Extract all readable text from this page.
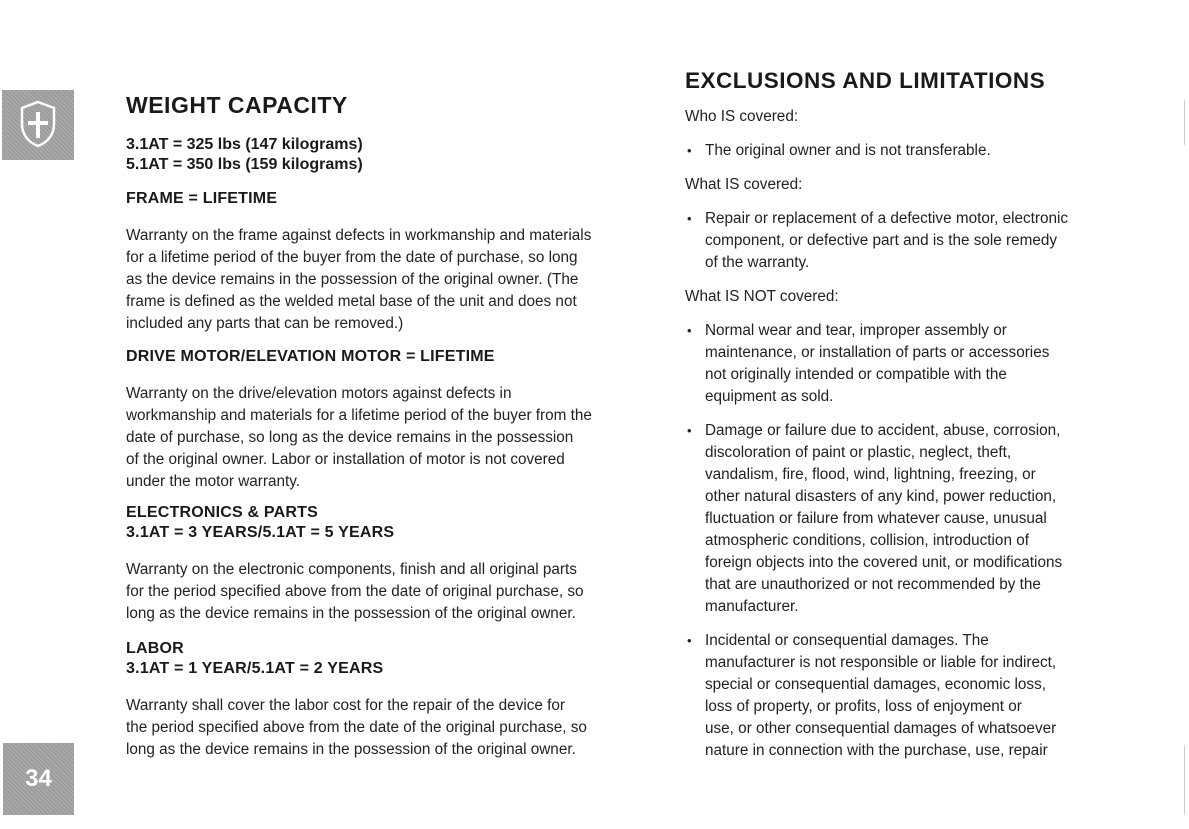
34
WEIGHT CAPACITY
3.1AT = 325 lbs (147 kilograms)
5.1AT = 350 lbs (159 kilograms)
FRAME = LIFETIME
Warranty on the frame against defects in workmanship and materials
for a lifetime period of the buyer from the date of purchase, so long
as the device remains in the possession of the original owner. (The
frame is defined as the welded metal base of the unit and does not
included any parts that can be removed.)
DRIVE MOTOR/ELEVATION MOTOR = LIFETIME
Warranty on the drive/elevation motors against defects in
workmanship and materials for a lifetime period of the buyer from the
date of purchase, so long as the device remains in the possession
of the original owner. Labor or installation of motor is not covered
under the motor warranty.
ELECTRONICS & PARTS
3.1AT = 3 YEARS/5.1AT = 5 YEARS
Warranty on the electronic components, finish and all original parts
for the period specified above from the date of original purchase, so
long as the device remains in the possession of the original owner.
LABOR
3.1AT = 1 YEAR/5.1AT = 2 YEARS
Warranty shall cover the labor cost for the repair of the device for
the period specified above from the date of the original purchase, so
long as the device remains in the possession of the original owner.
EXCLUSIONS AND LIMITATIONS
Who IS covered:
• The original owner and is not transferable.
What IS covered:
• Repair or replacement of a defective motor, electronic
component, or defective part and is the sole remedy
of the warranty.
What IS NOT covered:
• Normal wear and tear, improper assembly or
maintenance, or installation of parts or accessories
not originally intended or compatible with the
equipment as sold.
• Damage or failure due to accident, abuse, corrosion,
discoloration of paint or plastic, neglect, theft,
vandalism, fire, flood, wind, lightning, freezing, or
other natural disasters of any kind, power reduction,
fluctuation or failure from whatever cause, unusual
atmospheric conditions, collision, introduction of
foreign objects into the covered unit, or modifications
that are unauthorized or not recommended by the
manufacturer.
• Incidental or consequential damages. The
manufacturer is not responsible or liable for indirect,
special or consequential damages, economic loss,
loss of property, or profits, loss of enjoyment or
use, or other consequential damages of whatsoever
nature in connection with the purchase, use, repair
